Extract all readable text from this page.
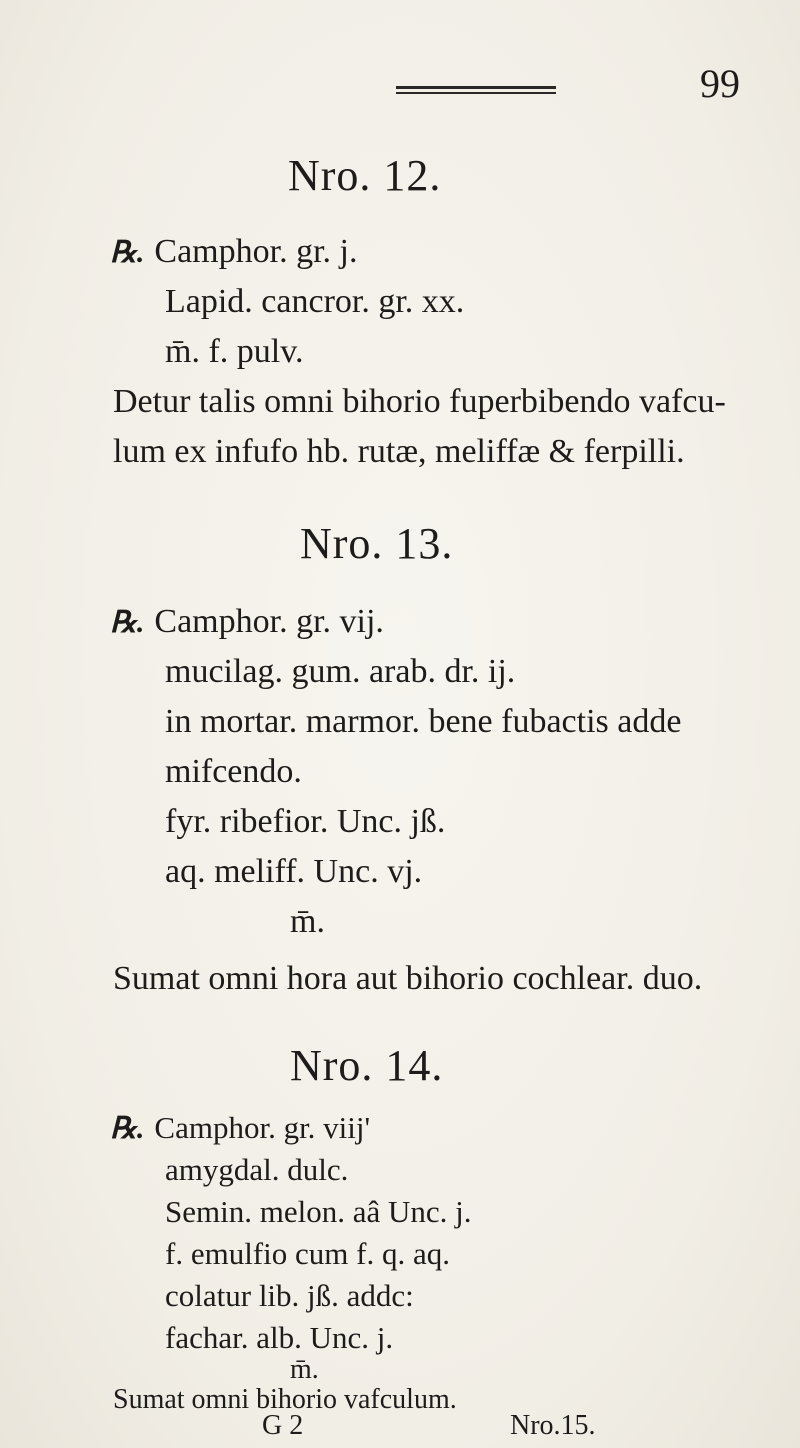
99
Nro. 12.
℞. Camphor. gr. j.
Lapid. cancror. gr. xx.
m̄. f. pulv.
Detur talis omni bihorio fuperbibendo vafcu-
lum ex infufo hb. rutæ, meliffæ & ferpilli.
Nro. 13.
℞. Camphor. gr. vij.
mucilag. gum. arab. dr. ij.
in mortar. marmor. bene fubactis adde
mifcendo.
fyr. ribefior. Unc. jß.
aq. meliff. Unc. vj.
m̄.
Sumat omni hora aut bihorio cochlear. duo.
Nro. 14.
℞. Camphor. gr. viij'
amygdal. dulc.
Semin. melon. aâ Unc. j.
f. emulfio cum f. q. aq.
colatur lib. jß. addc:
fachar. alb. Unc. j.
m̄.
Sumat omni bihorio vafculum.
G 2	Nro.15.
